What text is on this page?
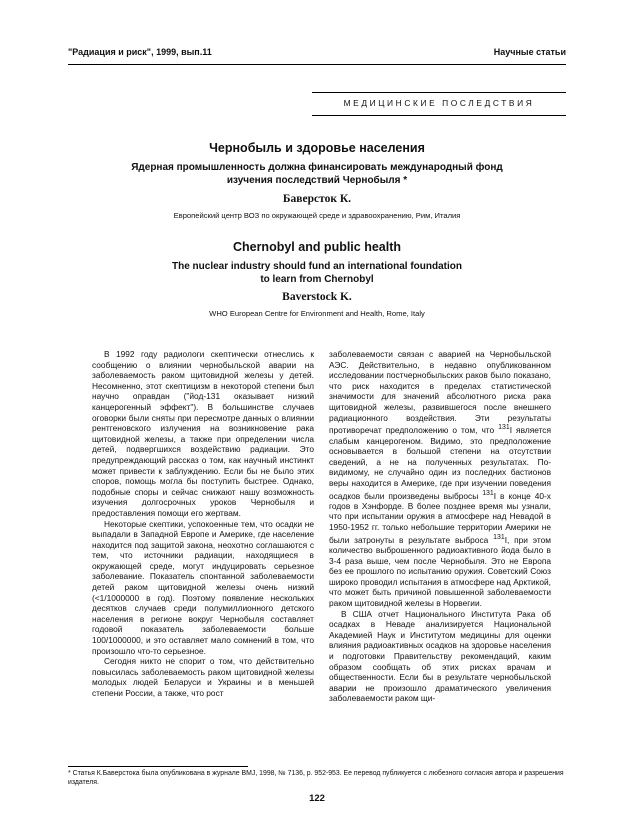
"Радиация и риск", 1999, вып.11	Научные статьи
МЕДИЦИНСКИЕ ПОСЛЕДСТВИЯ
Чернобыль и здоровье населения
Ядерная промышленность должна финансировать международный фонд
изучения последствий Чернобыля *
Баверсток К.
Европейский центр ВОЗ по окружающей среде и здравоохранению, Рим, Италия
Chernobyl and public health
The nuclear industry should fund an international foundation
to learn from Chernobyl
Baverstock K.
WHO European Centre for Environment and Health, Rome, Italy

В 1992 году радиологи скептически отнеслись к сообщению о влиянии чернобыльской аварии на заболеваемость раком щитовидной железы у детей. Несомненно, этот скептицизм в некоторой степени был научно оправдан ("йод-131 оказывает низкий канцерогенный эффект"). В большинстве случаев оговорки были сняты при пересмотре данных о влиянии рентгеновского излучения на возникновение рака щитовидной железы, а также при определении числа детей, подвергшихся воздействию радиации. Это предупреждающий рассказ о том, как научный инстинкт может привести к заблуждению. Если бы не было этих споров, помощь могла бы поступить быстрее. Однако, подобные споры и сейчас снижают нашу возможность изучения долгосрочных уроков Чернобыля и предоставления помощи его жертвам.

Некоторые скептики, успокоенные тем, что осадки не выпадали в Западной Европе и Америке, где население находится под защитой закона, неохотно соглашаются с тем, что источники радиации, находящиеся в окружающей среде, могут индуцировать серьезное заболевание. Показатель спонтанной заболеваемости детей раком щитовидной железы очень низкий (<1/1000000 в год). Поэтому появление нескольких десятков случаев среди полумиллионного детского населения в регионе вокруг Чернобыля составляет годовой показатель заболеваемости больше 100/1000000, и это оставляет мало сомнений в том, что произошло что-то серьезное.

Сегодня никто не спорит о том, что действительно повысилась заболеваемость раком щитовидной железы молодых людей Беларуси и Украины и в меньшей степени России, а также, что рост

заболеваемости связан с аварией на Чернобыльской АЭС. Действительно, в недавно опубликованном исследовании постчернобыльских раков было показано, что риск находится в пределах статистической значимости для значений абсолютного риска рака щитовидной железы, развившегося после внешнего радиационного воздействия. Эти результаты противоречат предположению о том, что $^{131}$I является слабым канцерогеном. Видимо, это предположение основывается в большой степени на отсутствии сведений, а не на полученных результатах. По-видимому, не случайно один из последних бастионов веры находится в Америке, где при изучении поведения осадков были произведены выбросы $^{131}$I в конце 40-х годов в Хэнфорде. В более позднее время мы узнали, что при испытании оружия в атмосфере над Невадой в 1950-1952 гг. только небольшие территории Америки не были затронуты в результате выброса $^{131}$I, при этом количество выброшенного радиоактивного йода было в 3-4 раза выше, чем после Чернобыля. Это не Европа без ее прошлого по испытанию оружия. Советский Союз широко проводил испытания в атмосфере над Арктикой, что может быть причиной повышенной заболеваемости раком щитовидной железы в Норвегии.

В США отчет Национального Института Рака об осадках в Неваде анализируется Национальной Академией Наук и Институтом медицины для оценки влияния радиоактивных осадков на здоровье населения и подготовки Правительству рекомендаций, каким образом сообщать об этих рисках врачам и общественности. Если бы в результате чернобыльской аварии не произошло драматического увеличения заболеваемости раком щи-

* Статья К.Баверстока была опубликована в журнале BMJ, 1998, № 7136, p. 952-953. Ее перевод публикуется с любезного согласия автора и разрешения издателя.
122
